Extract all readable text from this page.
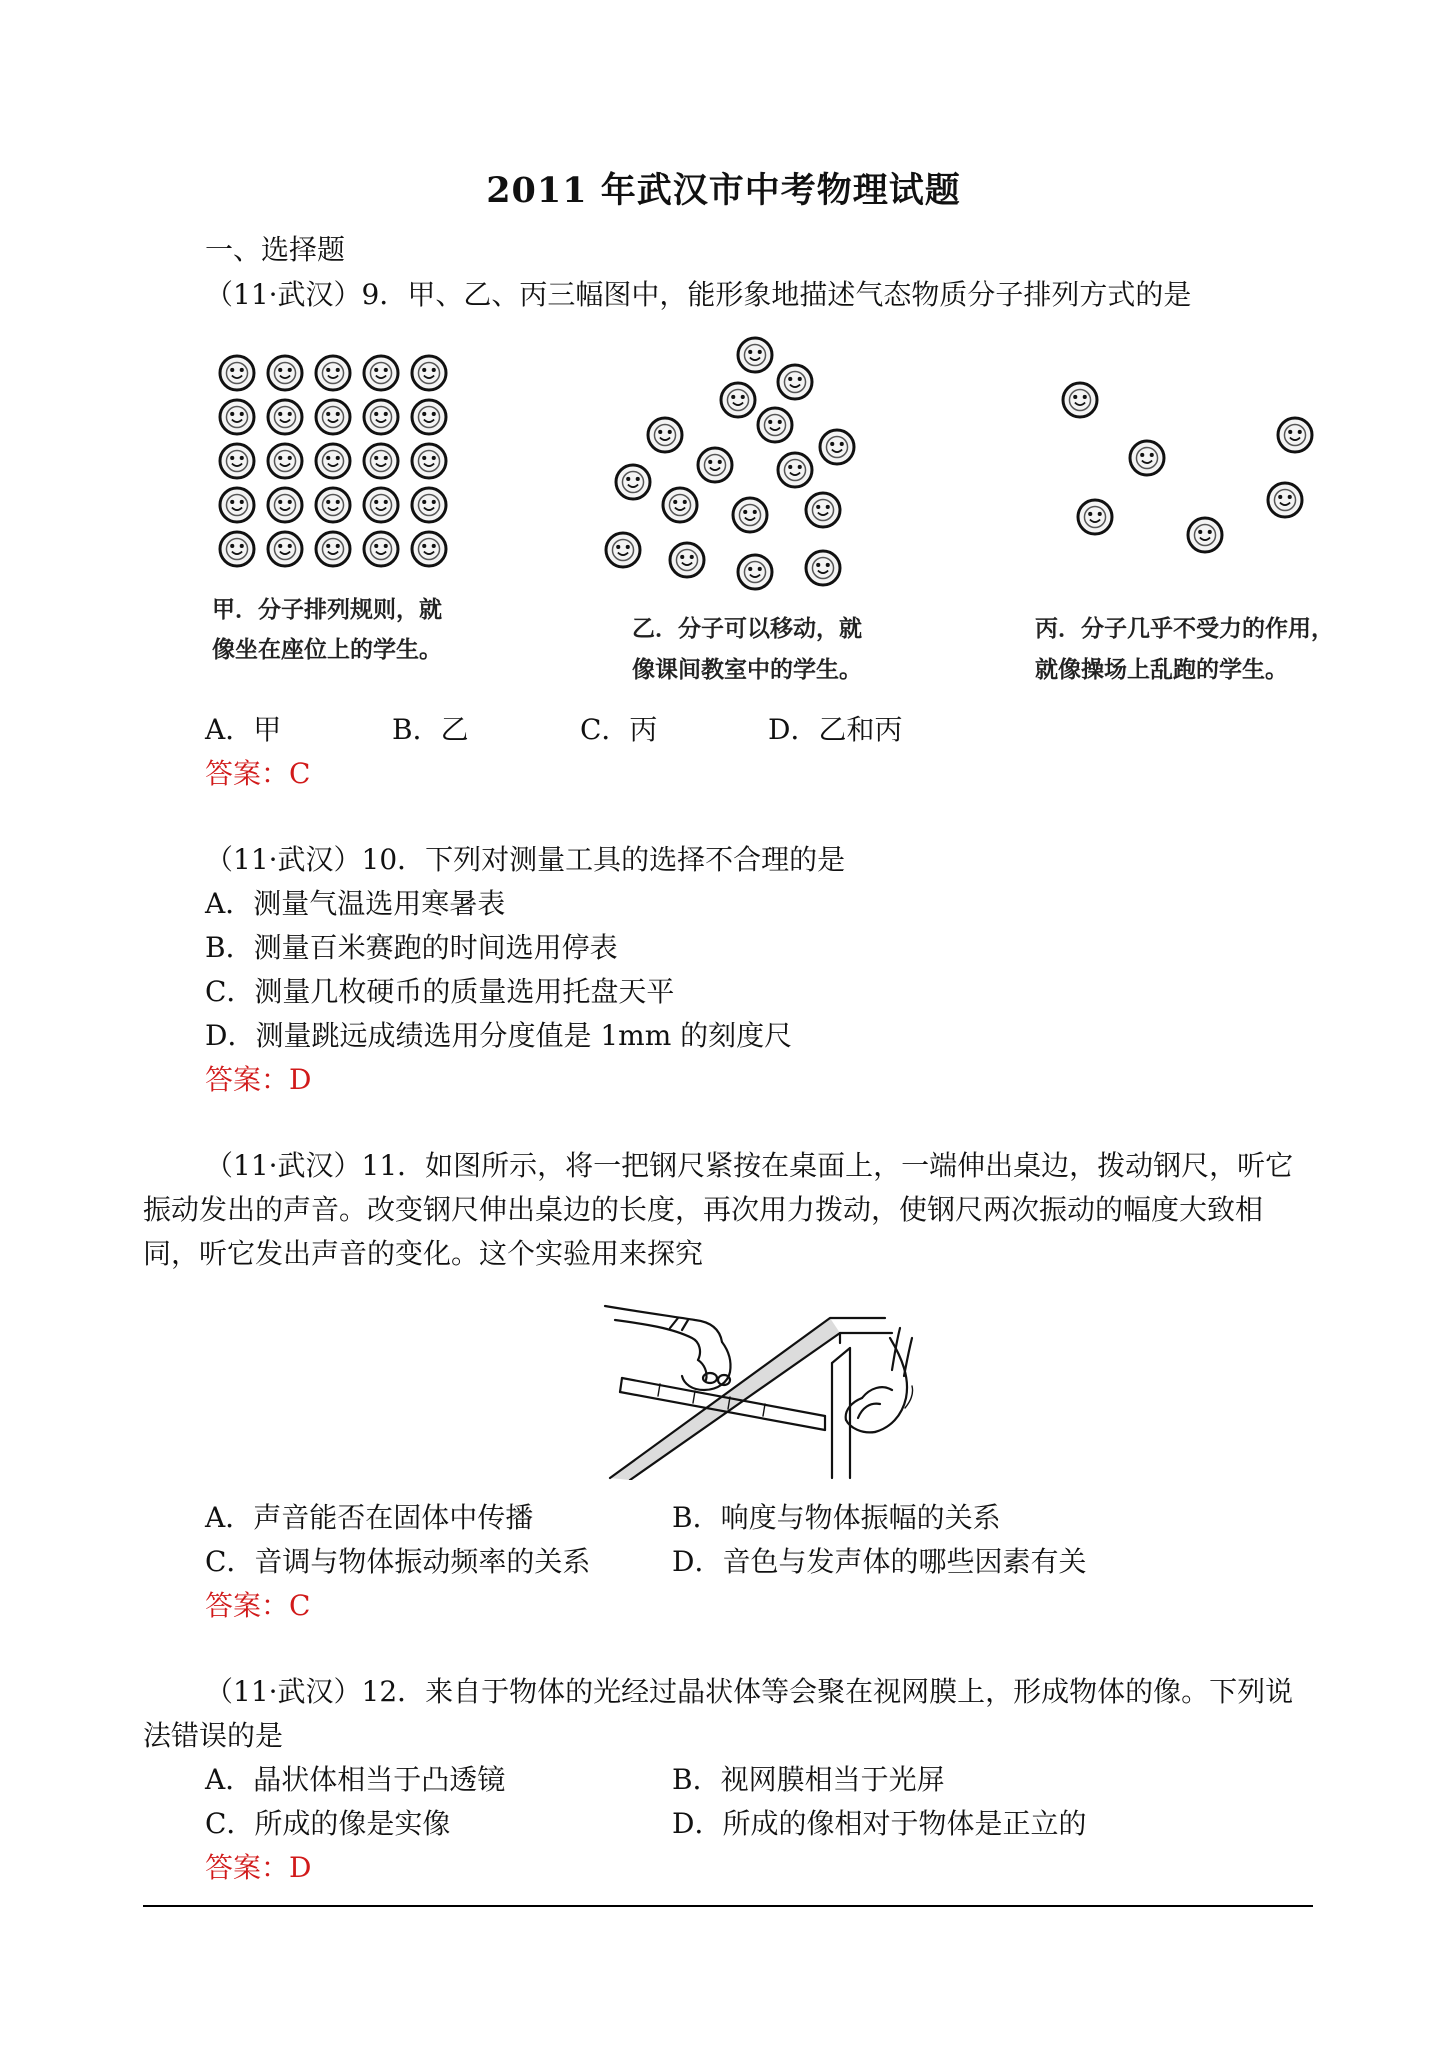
2011 年武汉市中考物理试题
一、选择题
（11·武汉）9．甲、乙、丙三幅图中，能形象地描述气态物质分子排列方式的是
甲．分子排列规则，就
像坐在座位上的学生。
乙．分子可以移动，就
像课间教室中的学生。
丙．分子几乎不受力的作用，
就像操场上乱跑的学生。
A．甲	B．乙	C．丙	D．乙和丙
答案：C
（11·武汉）10．下列对测量工具的选择不合理的是
A．测量气温选用寒暑表
B．测量百米赛跑的时间选用停表
C．测量几枚硬币的质量选用托盘天平
D．测量跳远成绩选用分度值是 1mm 的刻度尺
答案：D
（11·武汉）11．如图所示，将一把钢尺紧按在桌面上，一端伸出桌边，拨动钢尺，听它
振动发出的声音。改变钢尺伸出桌边的长度，再次用力拨动，使钢尺两次振动的幅度大致相
同，听它发出声音的变化。这个实验用来探究
A．声音能否在固体中传播	B．响度与物体振幅的关系
C．音调与物体振动频率的关系	D．音色与发声体的哪些因素有关
答案：C
（11·武汉）12．来自于物体的光经过晶状体等会聚在视网膜上，形成物体的像。下列说
法错误的是
A．晶状体相当于凸透镜	B．视网膜相当于光屏
C．所成的像是实像	D．所成的像相对于物体是正立的
答案：D
